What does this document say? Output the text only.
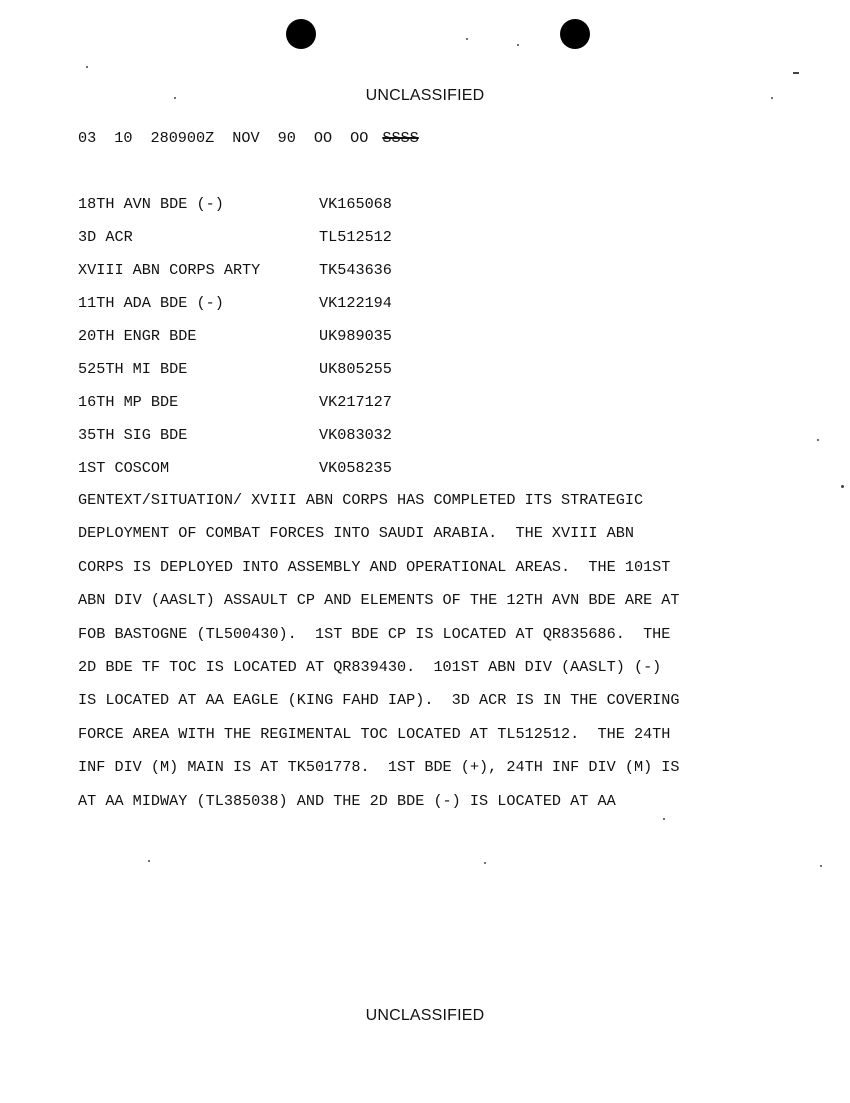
UNCLASSIFIED
03 10 280900Z NOV 90 OO OO SSSS
18TH AVN BDE (-)	VK165068
3D ACR	TL512512
XVIII ABN CORPS ARTY	TK543636
11TH ADA BDE (-)	VK122194
20TH ENGR BDE	UK989035
525TH MI BDE	UK805255
16TH MP BDE	VK217127
35TH SIG BDE	VK083032
1ST COSCOM	VK058235
GENTEXT/SITUATION/ XVIII ABN CORPS HAS COMPLETED ITS STRATEGIC
DEPLOYMENT OF COMBAT FORCES INTO SAUDI ARABIA.  THE XVIII ABN
CORPS IS DEPLOYED INTO ASSEMBLY AND OPERATIONAL AREAS.  THE 101ST
ABN DIV (AASLT) ASSAULT CP AND ELEMENTS OF THE 12TH AVN BDE ARE AT
FOB BASTOGNE (TL500430).  1ST BDE CP IS LOCATED AT QR835686.  THE
2D BDE TF TOC IS LOCATED AT QR839430.  101ST ABN DIV (AASLT) (-)
IS LOCATED AT AA EAGLE (KING FAHD IAP).  3D ACR IS IN THE COVERING
FORCE AREA WITH THE REGIMENTAL TOC LOCATED AT TL512512.  THE 24TH
INF DIV (M) MAIN IS AT TK501778.  1ST BDE (+), 24TH INF DIV (M) IS
AT AA MIDWAY (TL385038) AND THE 2D BDE (-) IS LOCATED AT AA
UNCLASSIFIED
